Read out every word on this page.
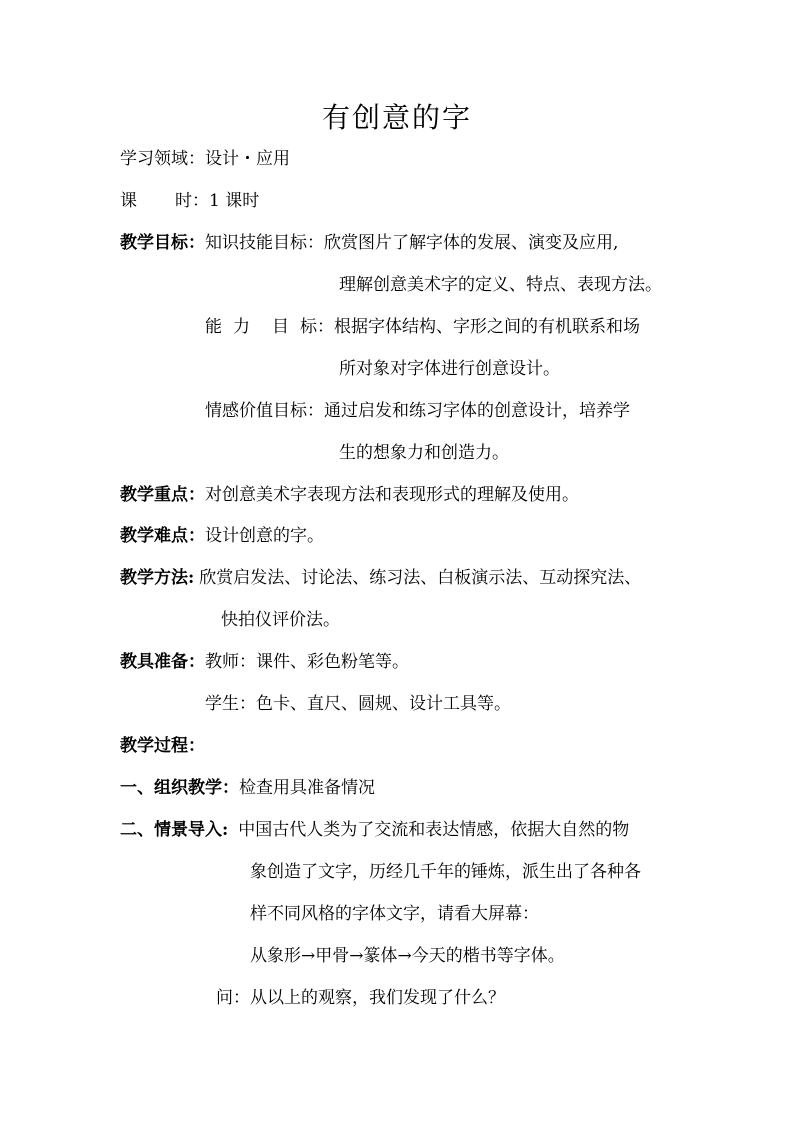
有创意的字
学习领域：设计・应用
课 时：1 课时
教学目标：知识技能目标：欣赏图片了解字体的发展、演变及应用,
理解创意美术字的定义、特点、表现方法。
能 力 目 标：根据字体结构、字形之间的有机联系和场
所对象对字体进行创意设计。
情感价值目标：通过启发和练习字体的创意设计，培养学
生的想象力和创造力。
教学重点：对创意美术字表现方法和表现形式的理解及使用。
教学难点：设计创意的字。
教学方法: 欣赏启发法、讨论法、练习法、白板演示法、互动探究法、
快拍仪评价法。
教具准备：教师：课件、彩色粉笔等。
学生：色卡、直尺、圆规、设计工具等。
教学过程：
一、组织教学：检查用具准备情况
二、情景导入: 中国古代人类为了交流和表达情感，依据大自然的物
象创造了文字，历经几千年的锤炼，派生出了各种各
样不同风格的字体文字，请看大屏幕：
从象形→甲骨→篆体→今天的楷书等字体。
问：从以上的观察，我们发现了什么？
